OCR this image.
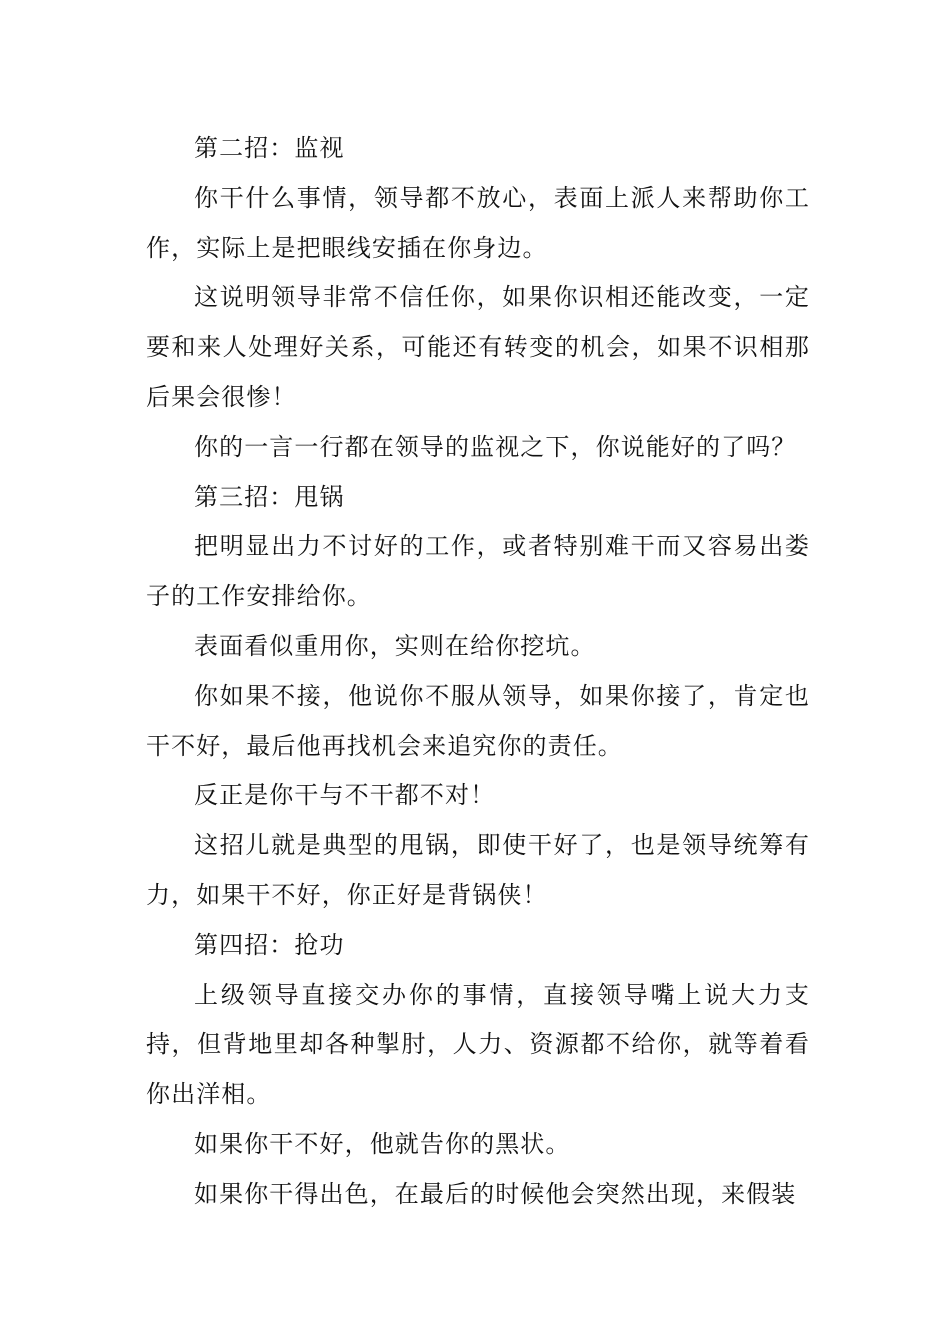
第二招：监视

你干什么事情，领导都不放心，表面上派人来帮助你工作，实际上是把眼线安插在你身边。

这说明领导非常不信任你，如果你识相还能改变，一定要和来人处理好关系，可能还有转变的机会，如果不识相那后果会很惨！

你的一言一行都在领导的监视之下，你说能好的了吗？

第三招：甩锅

把明显出力不讨好的工作，或者特别难干而又容易出娄子的工作安排给你。

表面看似重用你，实则在给你挖坑。

你如果不接，他说你不服从领导，如果你接了，肯定也干不好，最后他再找机会来追究你的责任。

反正是你干与不干都不对！

这招儿就是典型的甩锅，即使干好了，也是领导统筹有力，如果干不好，你正好是背锅侠！

第四招：抢功

上级领导直接交办你的事情，直接领导嘴上说大力支持，但背地里却各种掣肘，人力、资源都不给你，就等着看你出洋相。

如果你干不好，他就告你的黑状。

如果你干得出色，在最后的时候他会突然出现，来假装
